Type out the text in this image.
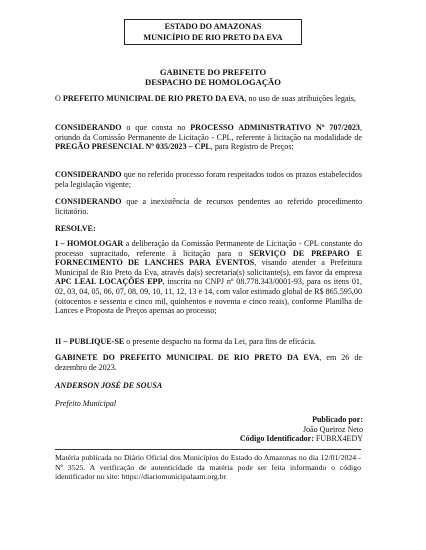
ESTADO DO AMAZONAS
MUNICÍPIO DE RIO PRETO DA EVA
GABINETE DO PREFEITO
DESPACHO DE HOMOLOGAÇÃO

O PREFEITO MUNICIPAL DE RIO PRETO DA EVA, no uso de suas atribuições legais,

CONSIDERANDO o que consta no PROCESSO ADMINISTRATIVO Nº 707/2023, oriundo da Comissão Permanente de Licitação - CPL, referente à licitação na modalidade de PREGÃO PRESENCIAL Nº 035/2023 – CPL, para Registro de Preços;

CONSIDERANDO que no referido processo foram respeitados todos os prazos estabelecidos pela legislação vigente;

CONSIDERANDO que a inexistência de recursos pendentes ao referido procedimento licitatório.

RESOLVE:

I – HOMOLOGAR a deliberação da Comissão Permanente de Licitação - CPL constante do processo supracitado, referente à licitação para o SERVIÇO DE PREPARO E FORNECIMENTO DE LANCHES PARA EVENTOS, visando atender a Prefeitura Municipal de Rio Preto da Eva, através da(s) secretaria(s) solicitante(s), em favor da empresa APC LEAL LOCAÇÕES EPP, inscrita no CNPJ nº 08.778.343/0001-93, para os itens 01, 02, 03, 04, 05, 06, 07, 08, 09, 10, 11, 12, 13 e 14, com valor estimado global de R$ 865.595,00 (oitocentos e sessenta e cinco mil, quinhentos e noventa e cinco reais), conforme Planilha de Lances e Proposta de Preços apensas ao processo;

II – PUBLIQUE-SE o presente despacho na forma da Lei, para fins de eficácia.

GABINETE DO PREFEITO MUNICIPAL DE RIO PRETO DA EVA, em 26 de dezembro de 2023.

ANDERSON JOSÉ DE SOUSA
Prefeito Municipal
Publicado por:
João Queiroz Neto
Código Identificador: FUBRX4EDY
Matéria publicada no Diário Oficial dos Municípios do Estado do Amazonas no dia 12/01/2024 - Nº 3525. A verificação de autenticidade da matéria pode ser feita informando o código identificador no site: https://diariomunicipalaam.org.br
